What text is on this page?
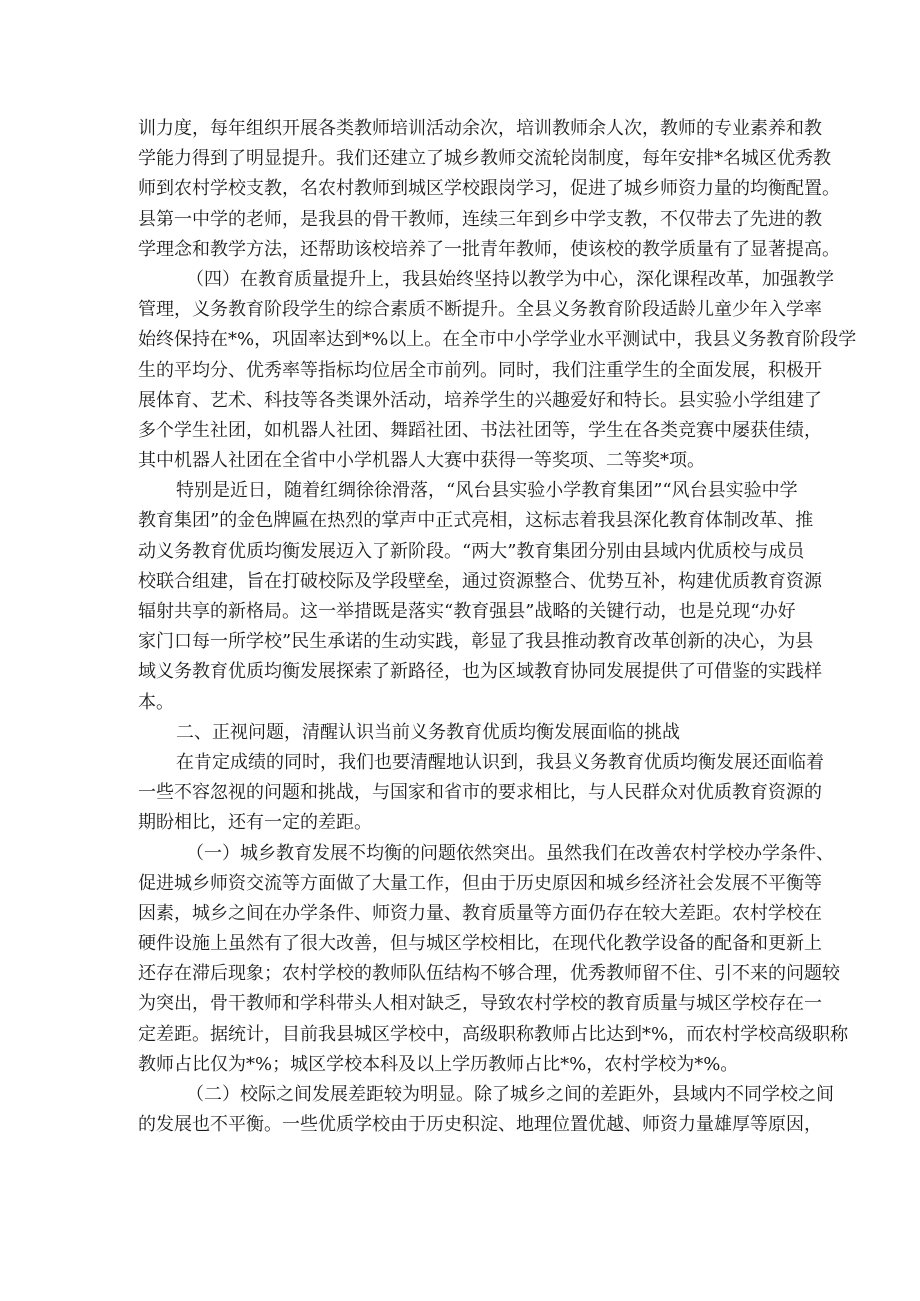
训力度，每年组织开展各类教师培训活动余次，培训教师余人次，教师的专业素养和教
学能力得到了明显提升。我们还建立了城乡教师交流轮岗制度，每年安排*名城区优秀教
师到农村学校支教，名农村教师到城区学校跟岗学习，促进了城乡师资力量的均衡配置。
县第一中学的老师，是我县的骨干教师，连续三年到乡中学支教，不仅带去了先进的教
学理念和教学方法，还帮助该校培养了一批青年教师，使该校的教学质量有了显著提高。
（四）在教育质量提升上，我县始终坚持以教学为中心，深化课程改革，加强教学
管理，义务教育阶段学生的综合素质不断提升。全县义务教育阶段适龄儿童少年入学率
始终保持在*%，巩固率达到*%以上。在全市中小学学业水平测试中，我县义务教育阶段学
生的平均分、优秀率等指标均位居全市前列。同时，我们注重学生的全面发展，积极开
展体育、艺术、科技等各类课外活动，培养学生的兴趣爱好和特长。县实验小学组建了
多个学生社团，如机器人社团、舞蹈社团、书法社团等，学生在各类竞赛中屡获佳绩，
其中机器人社团在全省中小学机器人大赛中获得一等奖项、二等奖*项。
特别是近日，随着红绸徐徐滑落，“风台县实验小学教育集团”“风台县实验中学
教育集团”的金色牌匾在热烈的掌声中正式亮相，这标志着我县深化教育体制改革、推
动义务教育优质均衡发展迈入了新阶段。“两大”教育集团分别由县域内优质校与成员
校联合组建，旨在打破校际及学段壁垒，通过资源整合、优势互补，构建优质教育资源
辐射共享的新格局。这一举措既是落实“教育强县”战略的关键行动，也是兑现“办好
家门口每一所学校”民生承诺的生动实践，彰显了我县推动教育改革创新的决心，为县
域义务教育优质均衡发展探索了新路径，也为区域教育协同发展提供了可借鉴的实践样
本。
二、正视问题，清醒认识当前义务教育优质均衡发展面临的挑战
在肯定成绩的同时，我们也要清醒地认识到，我县义务教育优质均衡发展还面临着
一些不容忽视的问题和挑战，与国家和省市的要求相比，与人民群众对优质教育资源的
期盼相比，还有一定的差距。
（一）城乡教育发展不均衡的问题依然突出。虽然我们在改善农村学校办学条件、
促进城乡师资交流等方面做了大量工作，但由于历史原因和城乡经济社会发展不平衡等
因素，城乡之间在办学条件、师资力量、教育质量等方面仍存在较大差距。农村学校在
硬件设施上虽然有了很大改善，但与城区学校相比，在现代化教学设备的配备和更新上
还存在滞后现象；农村学校的教师队伍结构不够合理，优秀教师留不住、引不来的问题较
为突出，骨干教师和学科带头人相对缺乏，导致农村学校的教育质量与城区学校存在一
定差距。据统计，目前我县城区学校中，高级职称教师占比达到*%，而农村学校高级职称
教师占比仅为*%；城区学校本科及以上学历教师占比*%，农村学校为*%。
（二）校际之间发展差距较为明显。除了城乡之间的差距外，县域内不同学校之间
的发展也不平衡。一些优质学校由于历史积淀、地理位置优越、师资力量雄厚等原因，
